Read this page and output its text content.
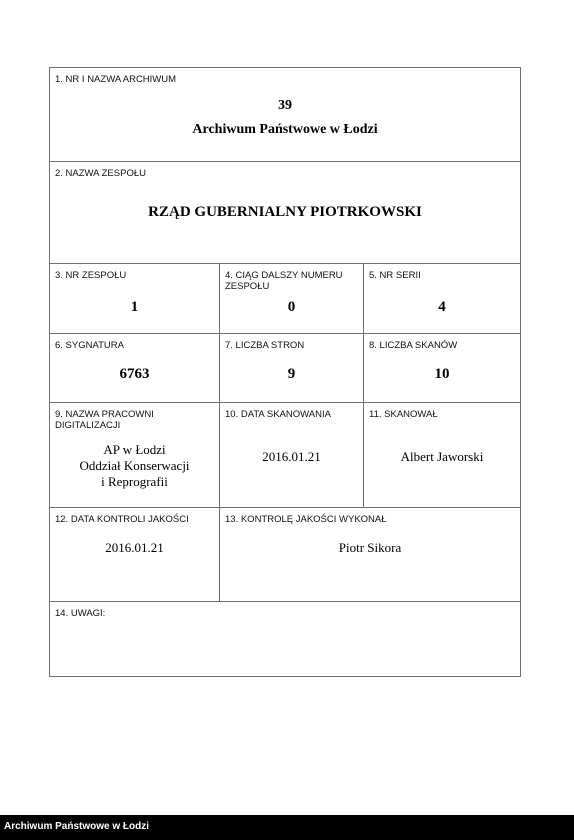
1. NR I NAZWA ARCHIWUM
39
Archiwum Państwowe w Łodzi
2. NAZWA ZESPOŁU
RZĄD GUBERNIALNY PIOTRKOWSKI
3. NR ZESPOŁU
1
4. CIĄG DALSZY NUMERU ZESPOŁU
0
5. NR SERII
4
6. SYGNATURA
6763
7. LICZBA STRON
9
8. LICZBA SKANÓW
10
9. NAZWA PRACOWNI DIGITALIZACJI
AP w Łodzi
Oddział Konserwacji
i Reprografii
10. DATA SKANOWANIA
2016.01.21
11. SKANOWAŁ
Albert Jaworski
12. DATA KONTROLI JAKOŚCI
2016.01.21
13. KONTROLĘ JAKOŚCI WYKONAŁ
Piotr Sikora
14. UWAGI:
Archiwum Państwowe w Łodzi
